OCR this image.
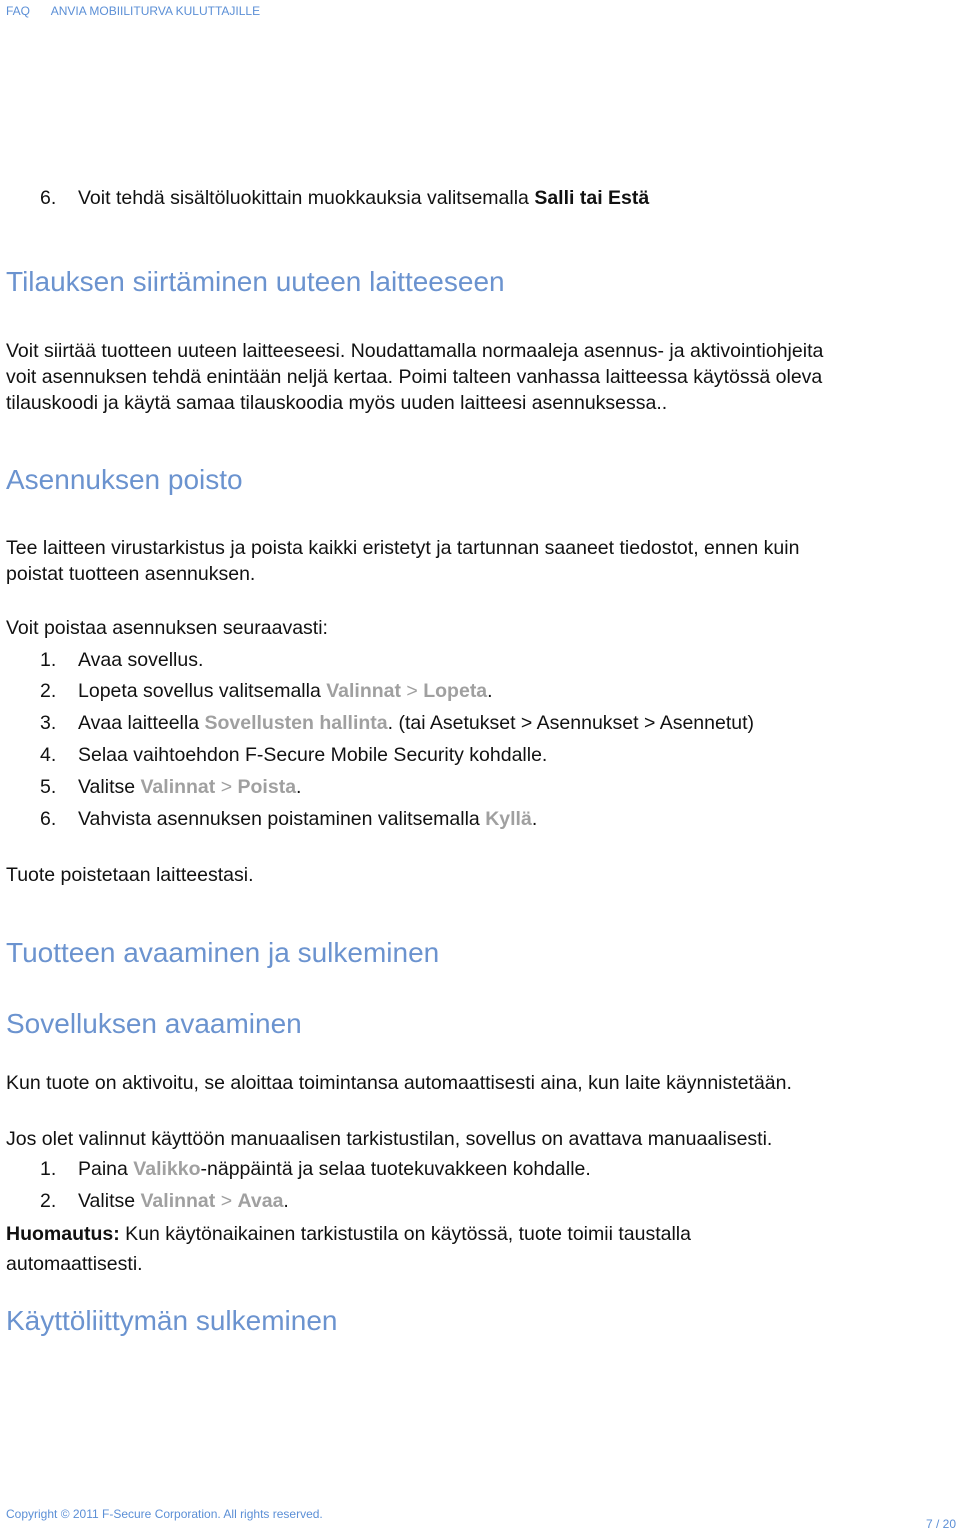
FAQ ANVIA MOBIILITURVA KULUTTAJILLE
6. Voit tehdä sisältöluokittain muokkauksia valitsemalla Salli tai Estä
Tilauksen siirtäminen uuteen laitteeseen
Voit siirtää tuotteen uuteen laitteeseesi. Noudattamalla normaaleja asennus- ja aktivointiohjeita
voit asennuksen tehdä enintään neljä kertaa. Poimi talteen vanhassa laitteessa käytössä oleva
tilauskoodi ja käytä samaa tilauskoodia myös uuden laitteesi asennuksessa..
Asennuksen poisto
Tee laitteen virustarkistus ja poista kaikki eristetyt ja tartunnan saaneet tiedostot, ennen kuin
poistat tuotteen asennuksen.
Voit poistaa asennuksen seuraavasti:
1. Avaa sovellus.
2. Lopeta sovellus valitsemalla Valinnat > Lopeta.
3. Avaa laitteella Sovellusten hallinta. (tai Asetukset > Asennukset > Asennetut)
4. Selaa vaihtoehdon F-Secure Mobile Security kohdalle.
5. Valitse Valinnat > Poista.
6. Vahvista asennuksen poistaminen valitsemalla Kyllä.
Tuote poistetaan laitteestasi.
Tuotteen avaaminen ja sulkeminen
Sovelluksen avaaminen
Kun tuote on aktivoitu, se aloittaa toimintansa automaattisesti aina, kun laite käynnistetään.
Jos olet valinnut käyttöön manuaalisen tarkistustilan, sovellus on avattava manuaalisesti.
1. Paina Valikko-näppäintä ja selaa tuotekuvakkeen kohdalle.
2. Valitse Valinnat > Avaa.
Huomautus: Kun käytönaikainen tarkistustila on käytössä, tuote toimii taustalla
automaattisesti.
Käyttöliittymän sulkeminen
Copyright © 2011 F-Secure Corporation. All rights reserved.
7 / 20
